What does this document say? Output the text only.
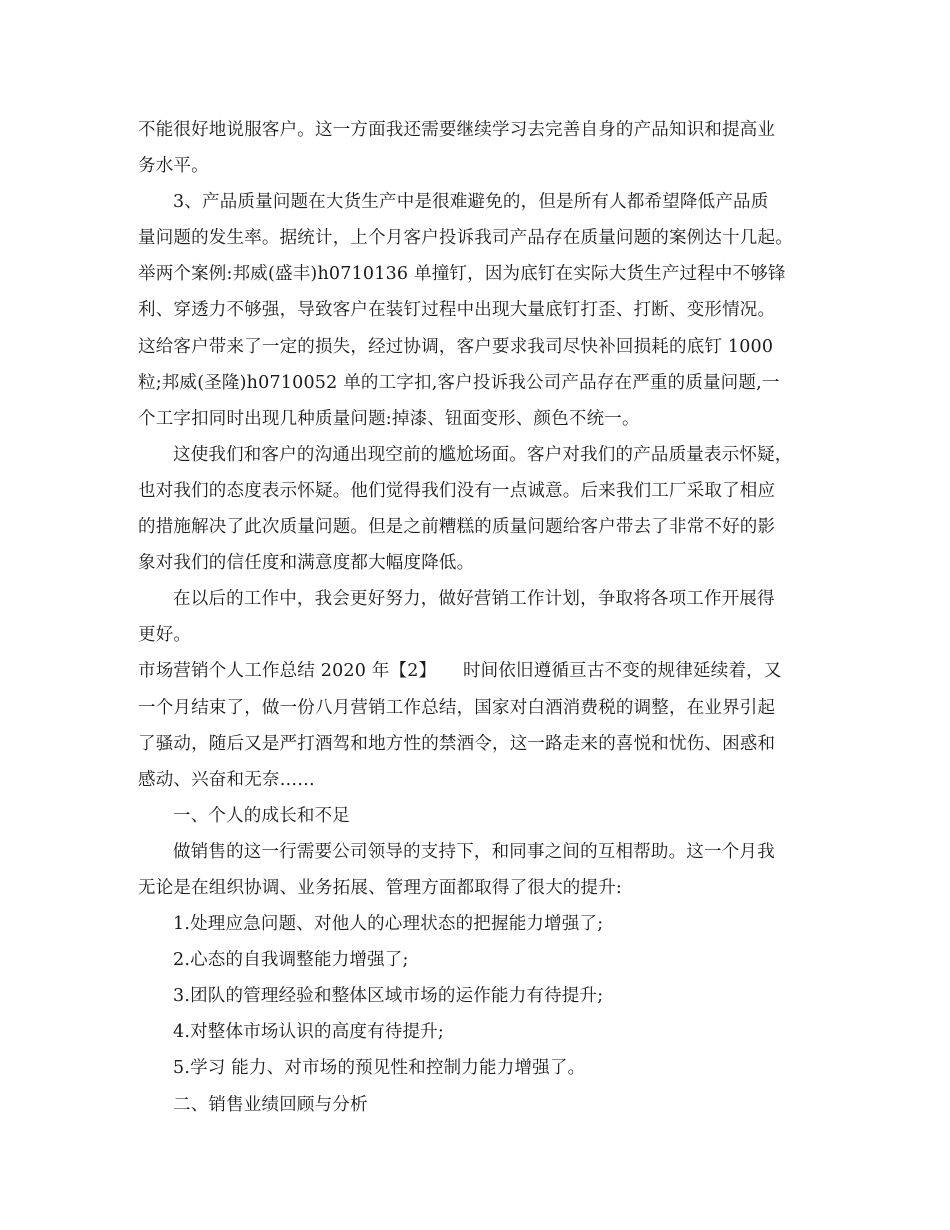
不能很好地说服客户。这一方面我还需要继续学习去完善自身的产品知识和提高业
务水平。

3、产品质量问题在大货生产中是很难避免的，但是所有人都希望降低产品质
量问题的发生率。据统计，上个月客户投诉我司产品存在质量问题的案例达十几起。
举两个案例:邦威(盛丰)h0710136 单撞钉，因为底钉在实际大货生产过程中不够锋
利、穿透力不够强，导致客户在装钉过程中出现大量底钉打歪、打断、变形情况。
这给客户带来了一定的损失，经过协调，客户要求我司尽快补回损耗的底钉 1000
粒;邦威(圣隆)h0710052 单的工字扣,客户投诉我公司产品存在严重的质量问题,一
个工字扣同时出现几种质量问题:掉漆、钮面变形、颜色不统一。

这使我们和客户的沟通出现空前的尴尬场面。客户对我们的产品质量表示怀疑，
也对我们的态度表示怀疑。他们觉得我们没有一点诚意。后来我们工厂采取了相应
的措施解决了此次质量问题。但是之前糟糕的质量问题给客户带去了非常不好的影
象对我们的信任度和满意度都大幅度降低。

在以后的工作中，我会更好努力，做好营销工作计划，争取将各项工作开展得
更好。

市场营销个人工作总结 2020 年【2】　　时间依旧遵循亘古不变的规律延续着，又
一个月结束了，做一份八月营销工作总结，国家对白酒消费税的调整，在业界引起
了骚动，随后又是严打酒驾和地方性的禁酒令，这一路走来的喜悦和忧伤、困惑和
感动、兴奋和无奈……

一、个人的成长和不足

做销售的这一行需要公司领导的支持下，和同事之间的互相帮助。这一个月我
无论是在组织协调、业务拓展、管理方面都取得了很大的提升:

1.处理应急问题、对他人的心理状态的把握能力增强了;

2.心态的自我调整能力增强了;

3.团队的管理经验和整体区域市场的运作能力有待提升;

4.对整体市场认识的高度有待提升;

5.学习 能力、对市场的预见性和控制力能力增强了。

二、销售业绩回顾与分析
